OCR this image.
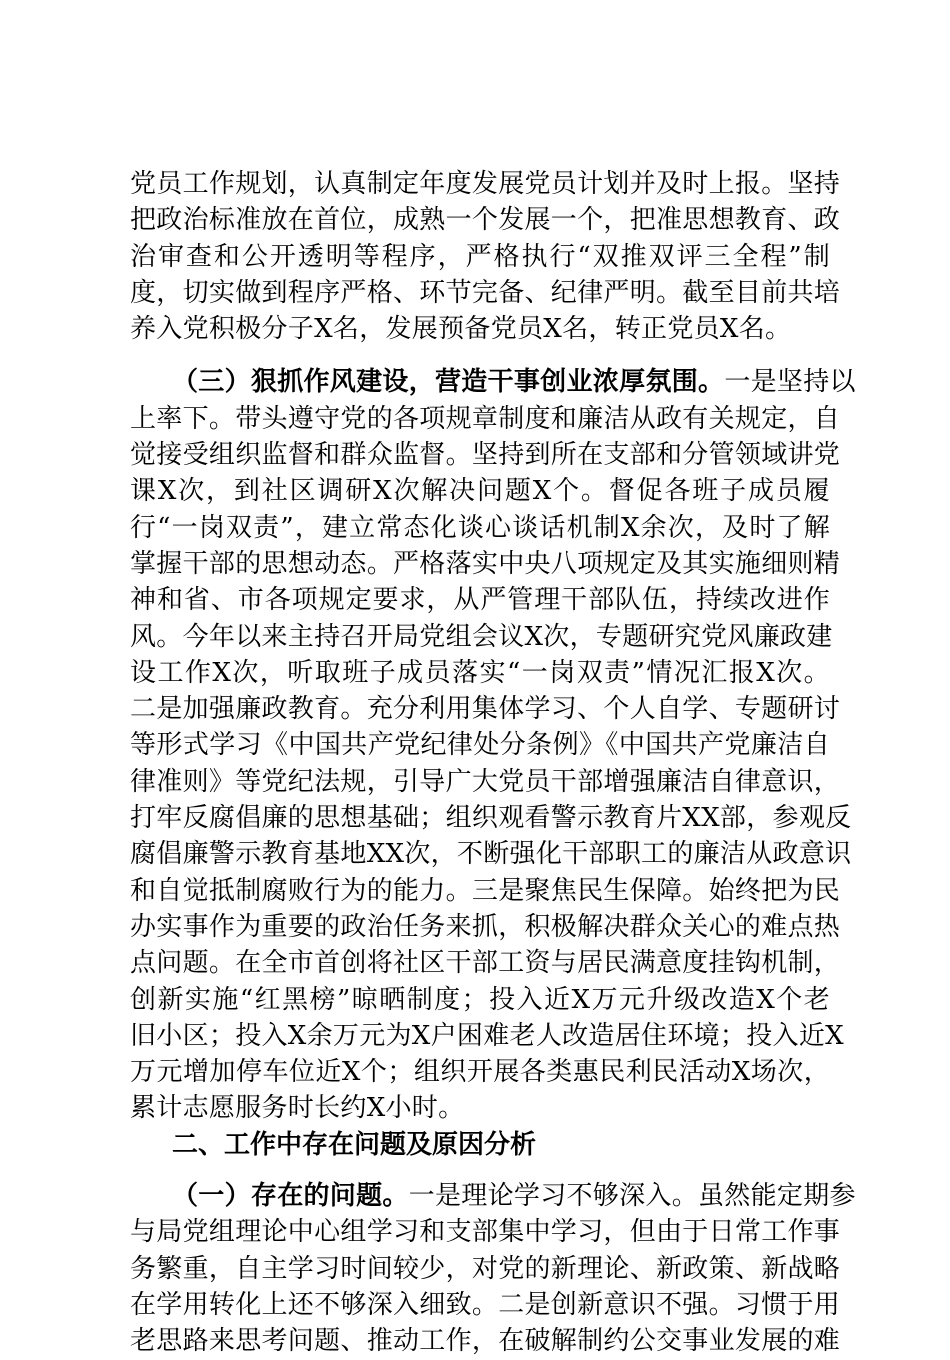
党员工作规划，认真制定年度发展党员计划并及时上报。坚持
把政治标准放在首位，成熟一个发展一个，把准思想教育、政
治审查和公开透明等程序，严格执行“双推双评三全程”制
度，切实做到程序严格、环节完备、纪律严明。截至目前共培
养入党积极分子X名，发展预备党员X名，转正党员X名。
（三）狠抓作风建设，营造干事创业浓厚氛围。一是坚持以
上率下。带头遵守党的各项规章制度和廉洁从政有关规定，自
觉接受组织监督和群众监督。坚持到所在支部和分管领域讲党
课X次，到社区调研X次解决问题X个。督促各班子成员履
行“一岗双责”，建立常态化谈心谈话机制X余次，及时了解
掌握干部的思想动态。严格落实中央八项规定及其实施细则精
神和省、市各项规定要求，从严管理干部队伍，持续改进作
风。今年以来主持召开局党组会议X次，专题研究党风廉政建
设工作X次，听取班子成员落实“一岗双责”情况汇报X次。
二是加强廉政教育。充分利用集体学习、个人自学、专题研讨
等形式学习《中国共产党纪律处分条例》《中国共产党廉洁自
律准则》等党纪法规，引导广大党员干部增强廉洁自律意识，
打牢反腐倡廉的思想基础；组织观看警示教育片XX部，参观反
腐倡廉警示教育基地XX次，不断强化干部职工的廉洁从政意识
和自觉抵制腐败行为的能力。三是聚焦民生保障。始终把为民
办实事作为重要的政治任务来抓，积极解决群众关心的难点热
点问题。在全市首创将社区干部工资与居民满意度挂钩机制，
创新实施“红黑榜”晾晒制度；投入近X万元升级改造X个老
旧小区；投入X余万元为X户困难老人改造居住环境；投入近X
万元增加停车位近X个；组织开展各类惠民利民活动X场次，
累计志愿服务时长约X小时。
二、工作中存在问题及原因分析
（一）存在的问题。一是理论学习不够深入。虽然能定期参
与局党组理论中心组学习和支部集中学习，但由于日常工作事
务繁重，自主学习时间较少，对党的新理论、新政策、新战略
在学用转化上还不够深入细致。二是创新意识不强。习惯于用
老思路来思考问题、推动工作，在破解制约公交事业发展的难
